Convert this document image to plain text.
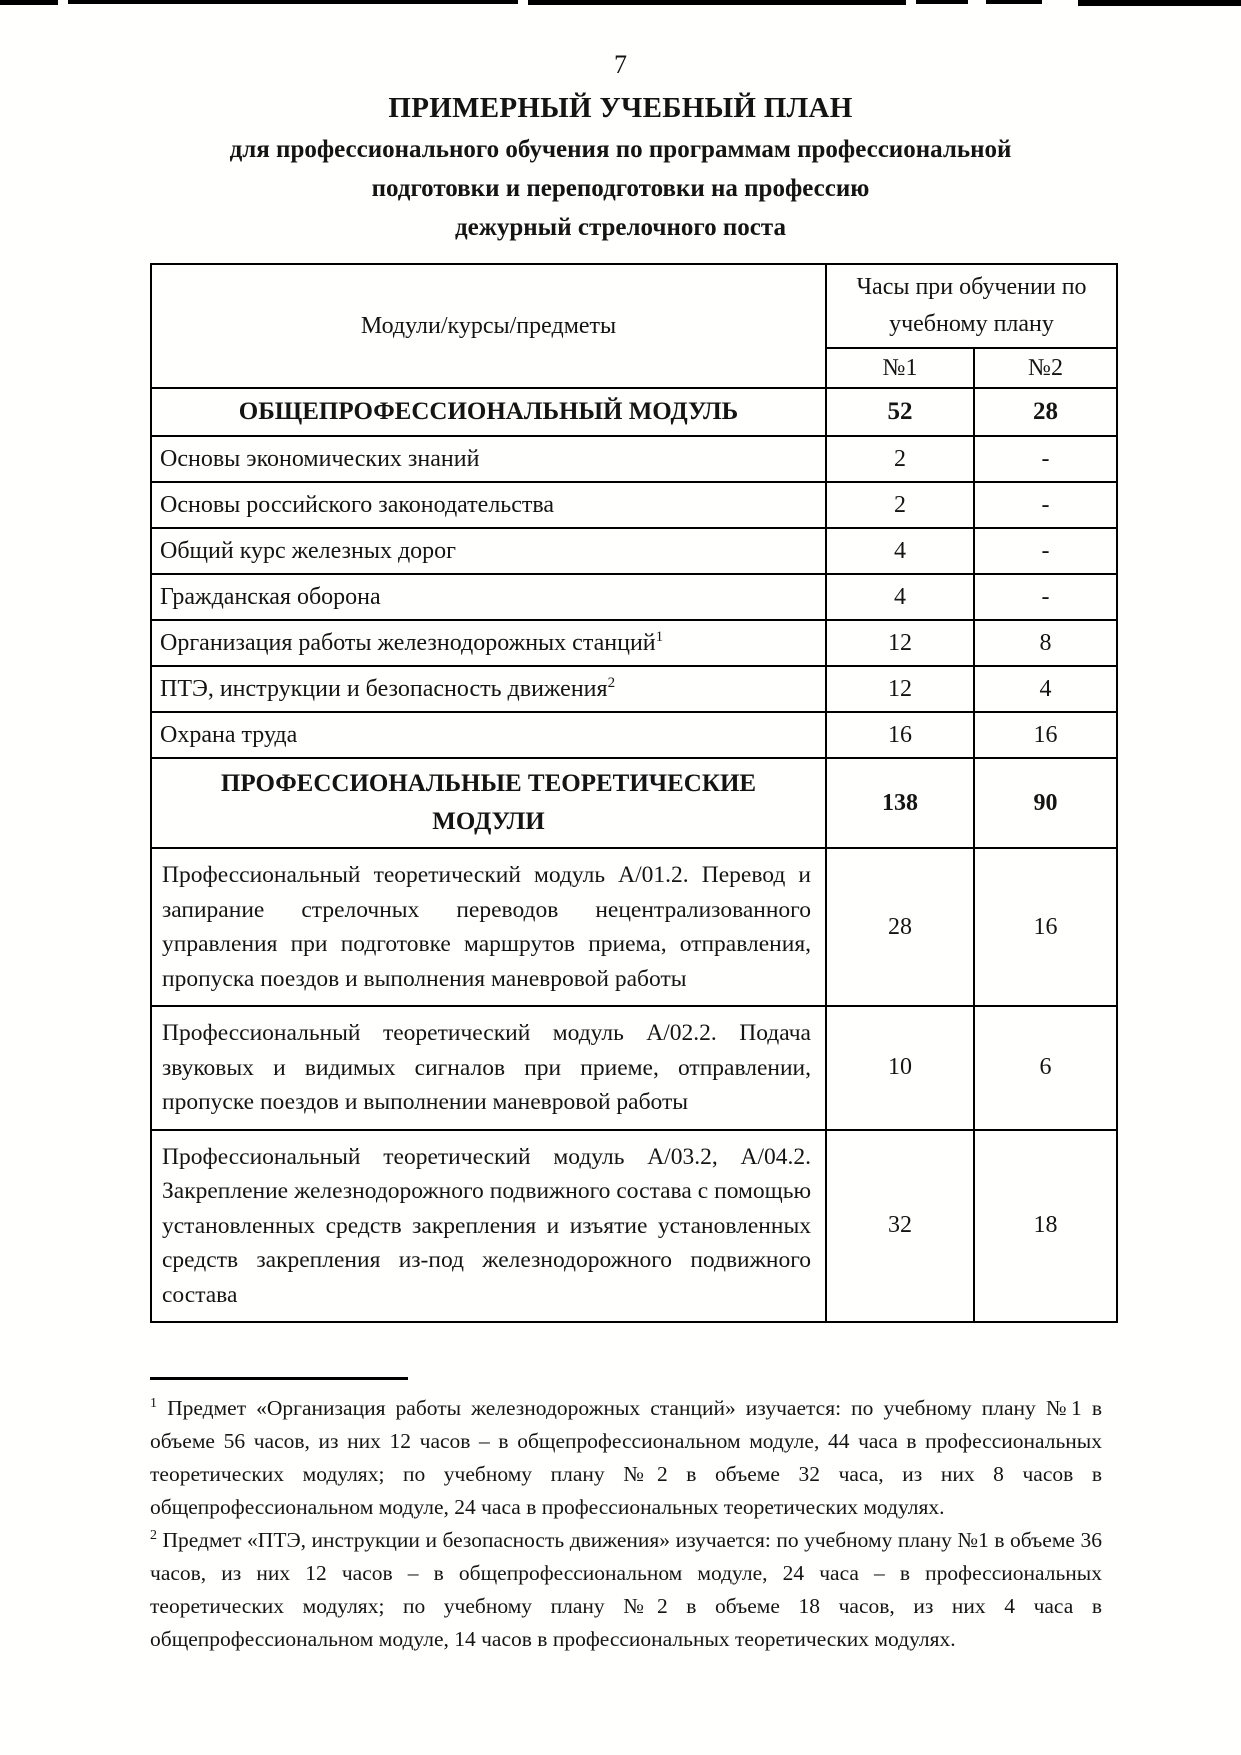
7
ПРИМЕРНЫЙ УЧЕБНЫЙ ПЛАН
для профессионального обучения по программам профессиональной
подготовки и переподготовки на профессию
дежурный стрелочного поста
Модули/курсы/предметы	Часы при обучении по учебному плану	
	№1	№2
ОБЩЕПРОФЕССИОНАЛЬНЫЙ МОДУЛЬ	52	28
Основы экономических знаний	2	-
Основы российского законодательства	2	-
Общий курс железных дорог	4	-
Гражданская оборона	4	-
Организация работы железнодорожных станций$^1$	12	8
ПТЭ, инструкции и безопасность движения$^2$	12	4
Охрана труда	16	16
ПРОФЕССИОНАЛЬНЫЕ ТЕОРЕТИЧЕСКИЕ МОДУЛИ	138	90
Профессиональный теоретический модуль А/01.2. Перевод и запирание стрелочных переводов нецентрализованного управления при подготовке маршрутов приема, отправления, пропуска поездов и выполнения маневровой работы	28	16
Профессиональный теоретический модуль А/02.2. Подача звуковых и видимых сигналов при приеме, отправлении, пропуске поездов и выполнении маневровой работы	10	6
Профессиональный теоретический модуль А/03.2, А/04.2. Закрепление железнодорожного подвижного состава с помощью установленных средств закрепления и изъятие установленных средств закрепления из-под железнодорожного подвижного состава	32	18
$^1$ Предмет «Организация работы железнодорожных станций» изучается: по учебному плану №1 в объеме 56 часов, из них 12 часов – в общепрофессиональном модуле, 44 часа в профессиональных теоретических модулях; по учебному плану №2 в объеме 32 часа, из них 8 часов в общепрофессиональном модуле, 24 часа в профессиональных теоретических модулях.
$^2$ Предмет «ПТЭ, инструкции и безопасность движения» изучается: по учебному плану №1 в объеме 36 часов, из них 12 часов – в общепрофессиональном модуле, 24 часа – в профессиональных теоретических модулях; по учебному плану №2 в объеме 18 часов, из них 4 часа в общепрофессиональном модуле, 14 часов в профессиональных теоретических модулях.
